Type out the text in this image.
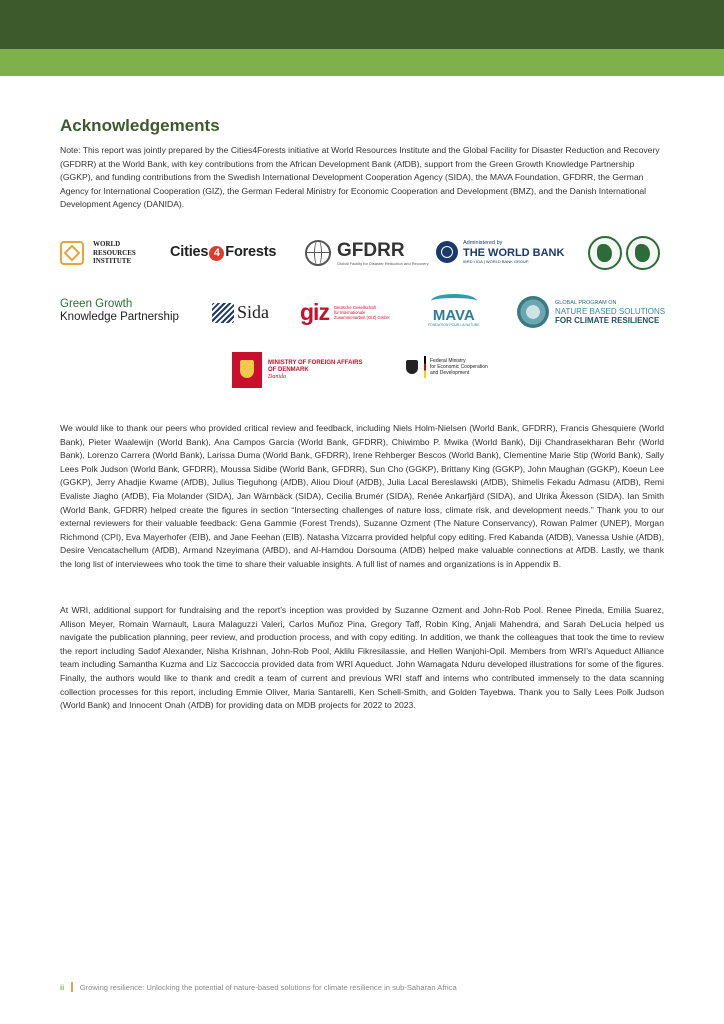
Acknowledgements

Note: This report was jointly prepared by the Cities4Forests initiative at World Resources Institute and the Global Facility for Disaster Reduction and Recovery (GFDRR) at the World Bank, with key contributions from the African Development Bank (AfDB), support from the Green Growth Knowledge Partnership (GGKP), and funding contributions from the Swedish International Development Cooperation Agency (SIDA), the MAVA Foundation, GFDRR, the German Agency for International Cooperation (GIZ), the German Federal Ministry for Economic Cooperation and Development (BMZ), and the Danish International Development Agency (DANIDA).

WORLD
RESOURCES
INSTITUTE
Cities 4 Forests	GFDRR
Global Facility for Disaster Reduction and Recovery
Administered by
THE WORLD BANK
IBRD • IDA | WORLD BANK GROUP
Green Growth
Knowledge Partnership	Sida giz Deutsche Gesellschaft
für Internationale
Zusammenarbeit (GIZ) GmbH	MAVA
FONDATION POUR LA NATURE
GLOBAL PROGRAM ON
NATURE BASED SOLUTIONS
FOR CLIMATE RESILIENCE
MINISTRY OF FOREIGN AFFAIRS
OF DENMARK
Danida
Federal Ministry
for Economic Cooperation
and Development

We would like to thank our peers who provided critical review and feedback, including Niels Holm-Nielsen (World Bank, GFDRR), Francis Ghesquiere (World Bank), Pieter Waalewijn (World Bank), Ana Campos Garcia (World Bank, GFDRR), Chiwimbo P. Mwika (World Bank), Diji Chandrasekharan Behr (World Bank), Lorenzo Carrera (World Bank), Larissa Duma (World Bank, GFDRR), Irene Rehberger Bescos (World Bank), Clementine Marie Stip (World Bank), Sally Lees Polk Judson (World Bank, GFDRR), Moussa Sidibe (World Bank, GFDRR), Sun Cho (GGKP), Brittany King (GGKP), John Maughan (GGKP), Koeun Lee (GGKP), Jerry Ahadjie Kwame (AfDB), Julius Tieguhong (AfDB), Aliou Diouf (AfDB), Julia Lacal Bereslawski (AfDB), Shimelis Fekadu Admasu (AfDB), Remi Evaliste Jiagho (AfDB), Fia Molander (SIDA), Jan Wärnbäck (SIDA), Cecilia Brumér (SIDA), Renée Ankarfjärd (SIDA), and Ulrika Åkesson (SIDA). Ian Smith (World Bank, GFDRR) helped create the figures in section “Intersecting challenges of nature loss, climate risk, and development needs.” Thank you to our external reviewers for their valuable feedback: Gena Gammie (Forest Trends), Suzanne Ozment (The Nature Conservancy), Rowan Palmer (UNEP), Morgan Richmond (CPI), Eva Mayerhofer (EIB), and Jane Feehan (EIB). Natasha Vizcarra provided helpful copy editing. Fred Kabanda (AfDB), Vanessa Ushie (AfDB), Desire Vencatachellum (AfDB), Armand Nzeyimana (AfBD), and Al-Hamdou Dorsouma (AfDB) helped make valuable connections at AfDB. Lastly, we thank the long list of interviewees who took the time to share their valuable insights. A full list of names and organizations is in Appendix B.

At WRI, additional support for fundraising and the report’s inception was provided by Suzanne Ozment and John-Rob Pool. Renee Pineda, Emilia Suarez, Allison Meyer, Romain Warnault, Laura Malaguzzi Valeri, Carlos Muñoz Pina, Gregory Taff, Robin King, Anjali Mahendra, and Sarah DeLucia helped us navigate the publication planning, peer review, and production process, and with copy editing. In addition, we thank the colleagues that took the time to review the report including Sadof Alexander, Nisha Krishnan, John-Rob Pool, Aklilu Fikresilassie, and Hellen Wanjohi-Opil. Members from WRI’s Aqueduct Alliance team including Samantha Kuzma and Liz Saccoccia provided data from WRI Aqueduct. John Wamagata Nduru developed illustrations for some of the figures. Finally, the authors would like to thank and credit a team of current and previous WRI staff and interns who contributed immensely to the data scanning collection processes for this report, including Emmie Oliver, Maria Santarelli, Ken Schell-Smith, and Golden Tayebwa. Thank you to Sally Lees Polk Judson (World Bank) and Innocent Onah (AfDB) for providing data on MDB projects for 2022 to 2023.

ii Growing resilience: Unlocking the potential of nature-based solutions for climate resilience in sub-Saharan Africa
